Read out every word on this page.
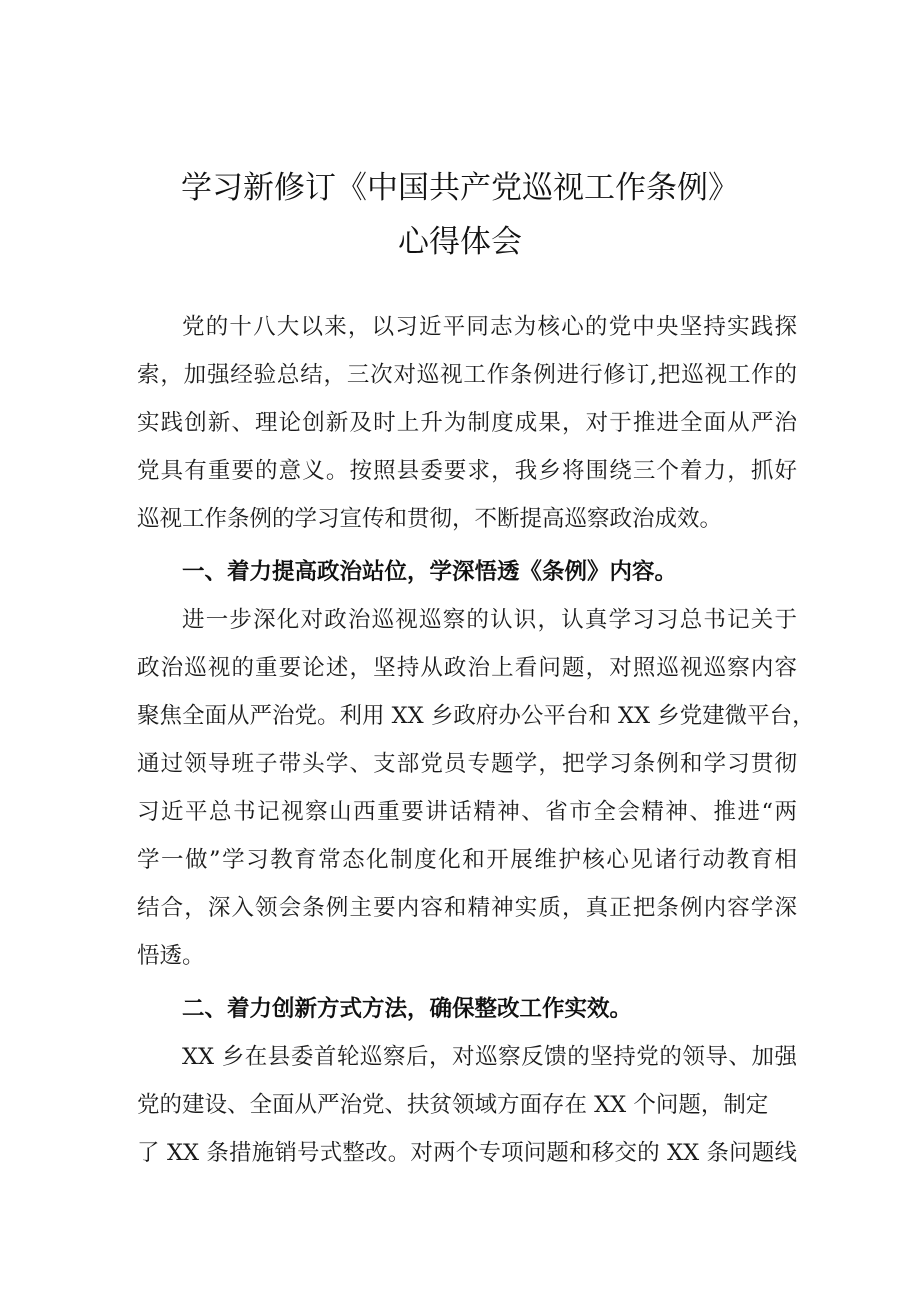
学习新修订《中国共产党巡视工作条例》
心得体会

党的十八大以来，以习近平同志为核心的党中央坚持实践探

索，加强经验总结，三次对巡视工作条例进行修订,把巡视工作的

实践创新、理论创新及时上升为制度成果，对于推进全面从严治

党具有重要的意义。按照县委要求，我乡将围绕三个着力，抓好

巡视工作条例的学习宣传和贯彻，不断提高巡察政治成效。

一、着力提高政治站位，学深悟透《条例》内容。

进一步深化对政治巡视巡察的认识，认真学习习总书记关于

政治巡视的重要论述，坚持从政治上看问题，对照巡视巡察内容

聚焦全面从严治党。利用 XX 乡政府办公平台和 XX 乡党建微平台，

通过领导班子带头学、支部党员专题学，把学习条例和学习贯彻

习近平总书记视察山西重要讲话精神、省市全会精神、推进“两

学一做”学习教育常态化制度化和开展维护核心见诸行动教育相

结合，深入领会条例主要内容和精神实质，真正把条例内容学深

悟透。

二、着力创新方式方法，确保整改工作实效。

XX 乡在县委首轮巡察后，对巡察反馈的坚持党的领导、加强

党的建设、全面从严治党、扶贫领域方面存在 XX 个问题，制定

了 XX 条措施销号式整改。对两个专项问题和移交的 XX 条问题线
